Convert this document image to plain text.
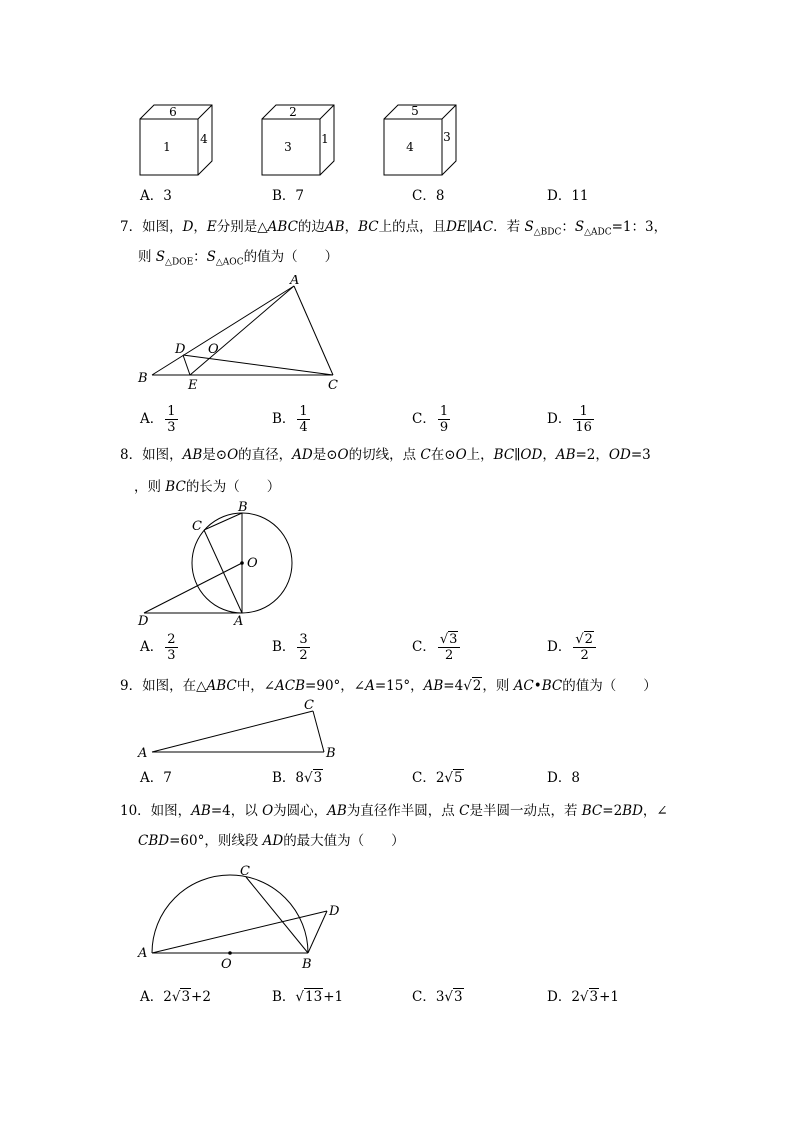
6
1
4
2
3
1
5
4
3
A．3	B．7	C．8	D．11
7．如图，D，E分别是△ABC的边AB，BC上的点，且DE∥AC．若 $S_{\triangle BDC}$：$S_{\triangle ADC}=1$：3，
则 $S_{\triangle DOE}$：$S_{\triangle AOC}$的值为（　　）
A
B	C
D
E
O
A． $\frac{1}{3}$	B． $\frac{1}{4}$	C． $\frac{1}{9}$	D． $\frac{1}{16}$
8．如图，AB是⊙O的直径，AD是⊙O的切线，点 C在⊙O上，BC∥OD，AB=2，OD=3
，则 BC的长为（　　）
B
C
O
D	A
A． $\frac{2}{3}$	B． $\frac{3}{2}$	C． $\frac{√3}{2}$	D． $\frac{√2}{2}$
9．如图，在△ABC中，∠ACB=90°，∠A=15°，AB=4√2，则 AC•BC的值为（　　）
A
C
B
A．7	B．8√3	C．2√5	D．8
10．如图，AB=4，以 O为圆心，AB为直径作半圆，点 C是半圆一动点，若 BC=2BD，∠
CBD=60°，则线段 AD的最大值为（　　）
C
D
A
O	B
A．2√3+2	B．√13+1	C．3√3	D．2√3+1
